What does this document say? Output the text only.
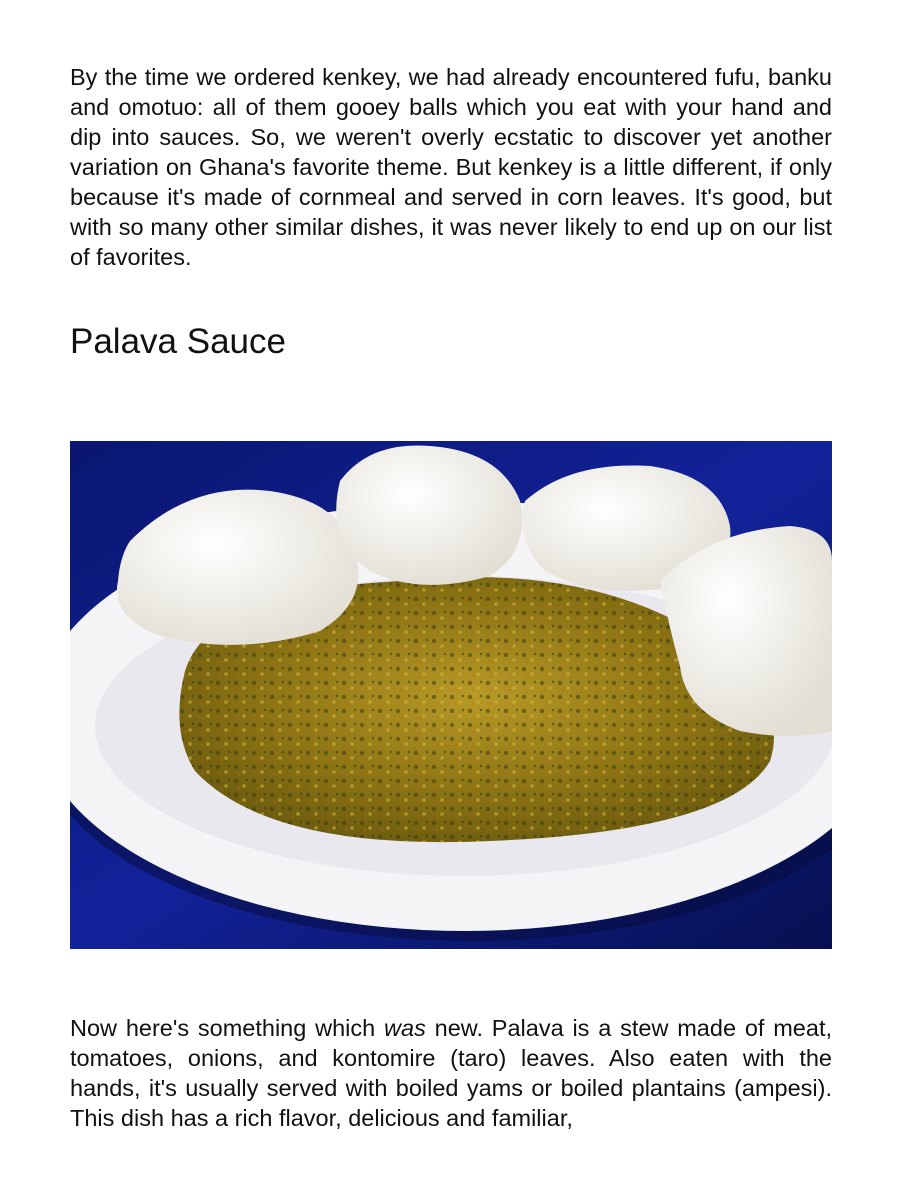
By the time we ordered kenkey, we had already encountered fufu, banku and omotuo: all of them gooey balls which you eat with your hand and dip into sauces. So, we weren't overly ecstatic to discover yet another variation on Ghana's favorite theme. But kenkey is a little different, if only because it's made of cornmeal and served in corn leaves. It's good, but with so many other similar dishes, it was never likely to end up on our list of favorites.

Palava Sauce

Now here's something which was new. Palava is a stew made of meat, tomatoes, onions, and kontomire (taro) leaves. Also eaten with the hands, it's usually served with boiled yams or boiled plantains (ampesi). This dish has a rich flavor, delicious and familiar,
